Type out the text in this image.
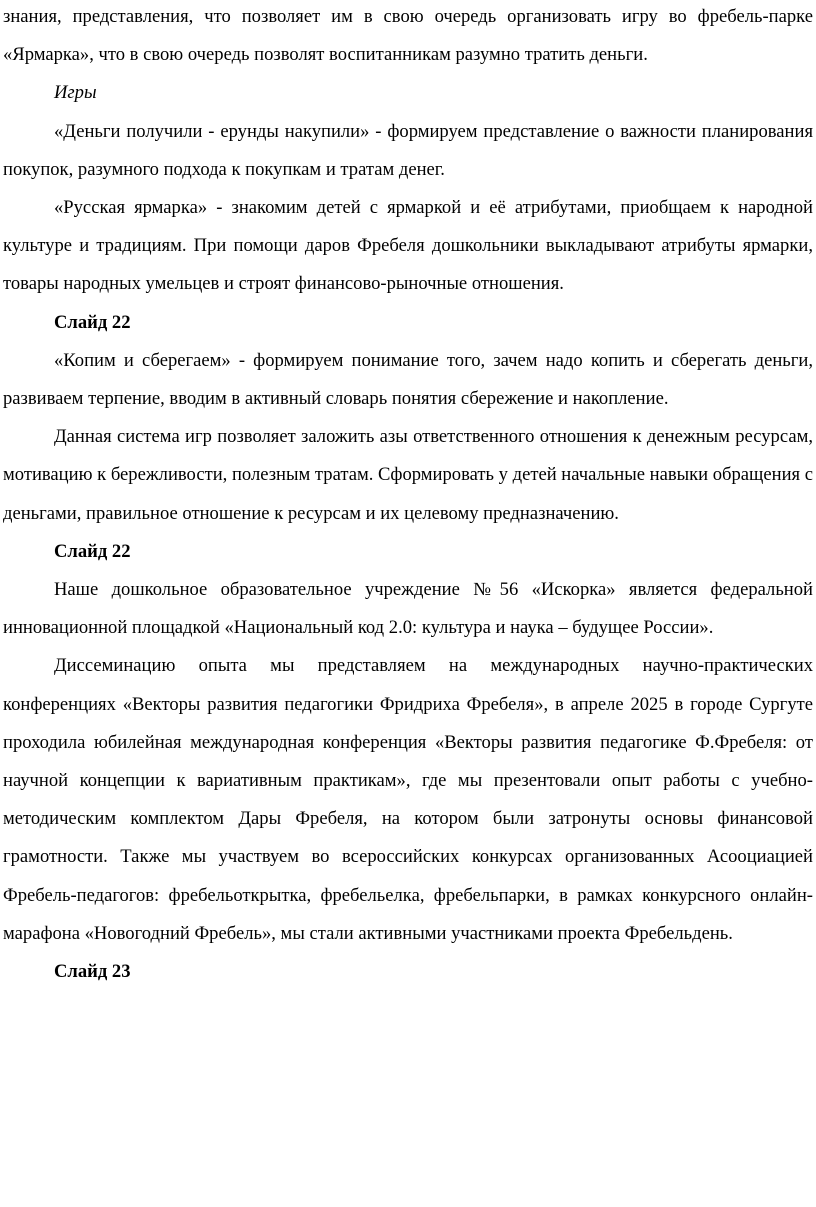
знания, представления, что позволяет им в свою очередь организовать игру во фребель-парке «Ярмарка», что в свою очередь позволят воспитанникам разумно тратить деньги.

Игры

«Деньги получили - ерунды накупили» - формируем представление о важности планирования покупок, разумного подхода к покупкам и тратам денег.

«Русская ярмарка» - знакомим детей с ярмаркой и её атрибутами, приобщаем к народной культуре и традициям. При помощи даров Фребеля дошкольники выкладывают атрибуты ярмарки, товары народных умельцев и строят финансово-рыночные отношения.

Слайд 22

«Копим и сберегаем» - формируем понимание того, зачем надо копить и сберегать деньги, развиваем терпение, вводим в активный словарь понятия сбережение и накопление.

Данная система игр позволяет заложить азы ответственного отношения к денежным ресурсам, мотивацию к бережливости, полезным тратам. Сформировать у детей начальные навыки обращения с деньгами, правильное отношение к ресурсам и их целевому предназначению.

Слайд 22

Наше дошкольное образовательное учреждение №56 «Искорка» является федеральной инновационной площадкой «Национальный код 2.0: культура и наука – будущее России».

Диссеминацию опыта мы представляем на международных научно-практических конференциях «Векторы развития педагогики Фридриха Фребеля», в апреле 2025 в городе Сургуте проходила юбилейная международная конференция «Векторы развития педагогике Ф.Фребеля: от научной концепции к вариативным практикам», где мы презентовали опыт работы с учебно-методическим комплектом Дары Фребеля, на котором были затронуты основы финансовой грамотности. Также мы участвуем во всероссийских конкурсах организованных Асооциацией Фребель-педагогов: фребельоткрытка, фребельелка, фребельпарки, в рамках конкурсного онлайн-марафона «Новогодний Фребель», мы стали активными участниками проекта Фребельдень.

Слайд 23
